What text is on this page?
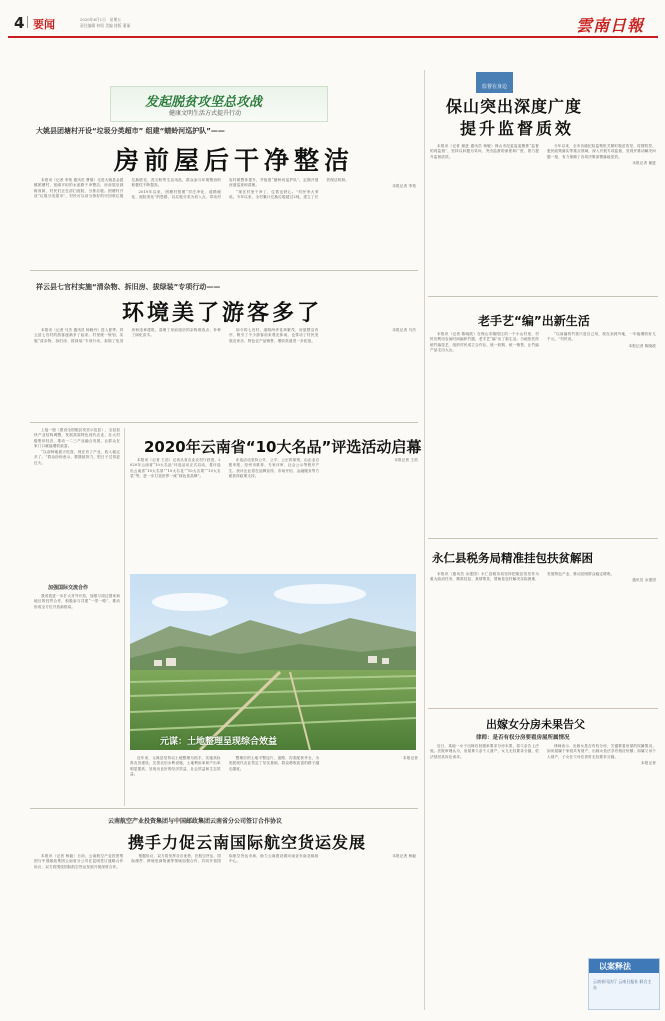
4 要闻	2020年6月1日　星期五
责任编辑 何昭 美编 排版 董丽	雲南日報
发起脱贫攻坚总攻战
健康文明生活方式提升行动
大姚县团塘村开设“垃圾分类超市” 组建“蜻蛉河巡护队”——
房前屋后干净整洁

本报讯（记者 李苑 通讯员 曹瑞）走进大姚县金碧镇团塘村，宽阔平坦的水泥路干净整洁，房前屋后绿树成荫，村民们正在清扫庭院、分拣垃圾。团塘村开设“垃圾分类超市”，村民可以用分拣好的可回收垃圾兑换肥皂、洗衣粉等生活用品，群众参与环境整治的积极性不断提高。

2019年以来，团塘村按照“村庄净化、道路硬化、庭院美化”的思路，以垃圾分类为切入点，带动村容村貌整体提升，并组建“蜻蛉河巡护队”，定期开展河道巡查和清理。

“现在村里干净了，住着也舒心。”村民李大爹说。今年以来，全村累计兑换垃圾超过2吨，建立了长效保洁机制。

本报记者 李苑

祥云县七官村实施“清杂物、拆旧房、拔绿装”专项行动——
环境美了游客多了

本报讯（记者 马杰 通讯员 杨晓丹）进入夏季，祥云县七官村的游客逐渐多了起来。村里统一规划，实施“清杂物、拆旧房、拔绿装”专项行动，拆除了危旧房和违章建筑，清理了房前屋后的杂物堆放点，补种了绿化苗木。

如今的七官村，道路两旁花草繁茂，房屋整洁有序，吸引了不少游客前来观光休闲，也带动了村民发展农家乐、特色农产品销售，增收渠道进一步拓宽。

本报记者 马杰

上接一版（建设全国脱贫攻坚示范县），全县加快产业结构调整，发展高原特色现代农业，壮大村级集体经济，推动一二三产业融合发展，让群众在家门口就能增收致富。

“以前种地靠天吃饭，现在有了产业，收入稳定多了。”群众纷纷表示，要继续努力，把日子过得更红火。

加强国际交流合作

我省将进一步扩大对外开放，加强与周边国家和地区的经贸合作，积极参与共建“一带一路”，推动形成全方位开放新格局。

2020年云南省“10大名品”评选活动启幕

本报讯（记者 王浩）记者从省农业农村厅获悉，2020年云南省“10大名品”评选活动正式启动，将评选出云南省“10大名茶”“10大名花”“10大名果”“10大名菜”等，进一步打造世界一流“绿色食品牌”。

评选活动坚持公开、公平、公正的原则，由企业自愿申报，经州市推荐、专家评审、社会公示等程序产生。获评企业将在品牌宣传、市场开拓、金融服务等方面获得政策支持。

本报记者 王浩

元谋：土地整理呈现综合效益

近年来，元谋县坚持以土地整理为抓手，实施高标准农田建设，完善农田水利设施，土地利用率和产出率明显提高，呈现出良好的经济效益、社会效益和生态效益。

整理后的土地平整连片，道路、沟渠配套齐全，为发展现代农业奠定了坚实基础，群众增收致富的路子越走越宽。

本报记者

云南航空产业投资集团与中国邮政集团云南省分公司签订合作协议
携手力促云南国际航空货运发展

本报讯（记者 杨毅）日前，云南航空产业投资集团与中国邮政集团云南省分公司在昆明签订战略合作协议，双方将围绕国际航空货运发展开展深度合作。

根据协议，双方将发挥各自优势，在航空货运、国际邮件、跨境电商物流等领域加强合作，共同开拓国际航空货运市场，助力云南建设面向南亚东南亚辐射中心。

本报记者 杨毅

监督在身边
保山突出深度广度
提升监督质效

本报讯（记者 谢进 通讯员 杨敏）保山市纪委监委聚焦“监督的再监督”，坚持以问题为导向，突出监督的深度和广度，着力提升监督质效。

今年以来，全市各级纪检监察机关紧盯脱贫攻坚、疫情防控、惠民政策落实等重点领域，深入开展专项监督，发现并推动解决问题一批，有力保障了各项决策部署落地见效。

本报记者 谢进

老手艺“编”出新生活

本报讯（记者 陈晓波）在保山市隆阳区的一个小山村里，村民们利用农闲时间编织竹器，老手艺“编”出了新生活。当地依托传统竹编技艺，组织村民成立合作社，统一收购、统一销售，让竹编产品走出大山。

“以前编的竹筐只是自己用，现在卖到外地，一年能增收好几千元。”村民说。

本报记者 陈晓波

永仁县税务局精准挂包扶贫解困

本报讯（通讯员 余建国）永仁县税务局坚持把脱贫攻坚作为重大政治任务，精准挂包、真情帮扶，帮助挂包村解决实际困难，发展特色产业，推动贫困群众稳定增收。

通讯员 余建国

出嫁女分房未果告父
律师：是否有权分房要看房屋所属情况

近日，某地一女子出嫁后回娘家要求分房未果，将父亲告上法庭。法院审理认为，房屋系父亲个人财产，女儿无权要求分割，依法驳回其诉讼请求。

律师表示，出嫁女是否有权分房，关键要看房屋的权属情况。如房屋属于家庭共有财产，出嫁女依法享有相应份额；如属父母个人财产，子女在父母在世时无权要求分割。

本报记者

以案释法
云南省司法厅 云南日报社 联合主办
